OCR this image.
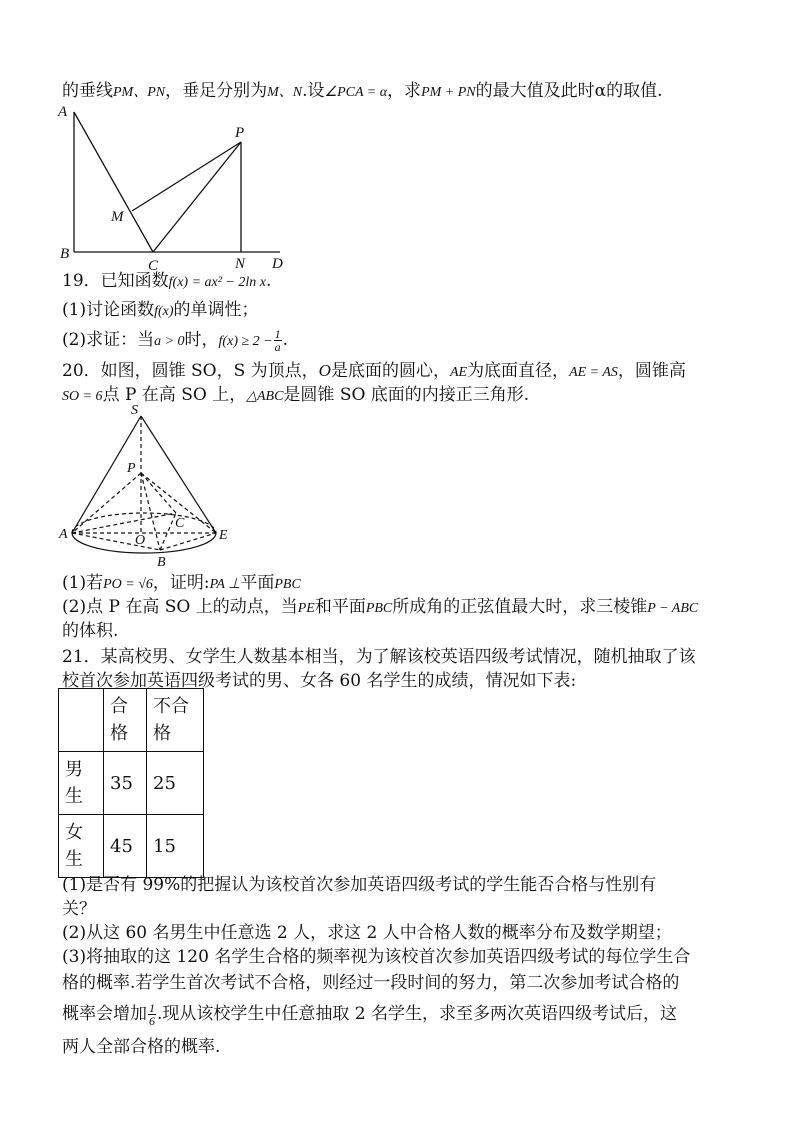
的垂线PM、PN，垂足分别为M、N.设∠PCA = α，求PM + PN的最大值及此时α的取值.
A
B
C	D
M
N
P
19．已知函数f(x) = ax² − 2ln x.
(1)讨论函数f(x)的单调性；
(2)求证：当a > 0时，$f(x) \ge 2 - \frac{1}{a}$ .
20．如图，圆锥 SO，S 为顶点，O是底面的圆心，AE为底面直径，AE = AS，圆锥高
SO = 6点 P 在高 SO 上，△ABC是圆锥 SO 底面的内接正三角形.
S
P
A	O
B
C
E
(1)若PO = √6，证明:PA ⊥平面PBC
(2)点 P 在高 SO 上的动点，当PE和平面PBC所成角的正弦值最大时，求三棱锥P − ABC
的体积.
21．某高校男、女学生人数基本相当，为了解该校英语四级考试情况，随机抽取了该
校首次参加英语四级考试的男、女各 60 名学生的成绩，情况如下表:

	合
格	不合
格

男
生	35	25

女
生	45	15
(1)是否有 99%的把握认为该校首次参加英语四级考试的学生能否合格与性别有
关？
(2)从这 60 名男生中任意选 2 人，求这 2 人中合格人数的概率分布及数学期望；
(3)将抽取的这 120 名学生合格的频率视为该校首次参加英语四级考试的每位学生合
格的概率.若学生首次考试不合格，则经过一段时间的努力，第二次参加考试合格的
概率会增加 $\frac{1}{6}$ .现从该校学生中任意抽取 2 名学生，求至多两次英语四级考试后，这
两人全部合格的概率.
